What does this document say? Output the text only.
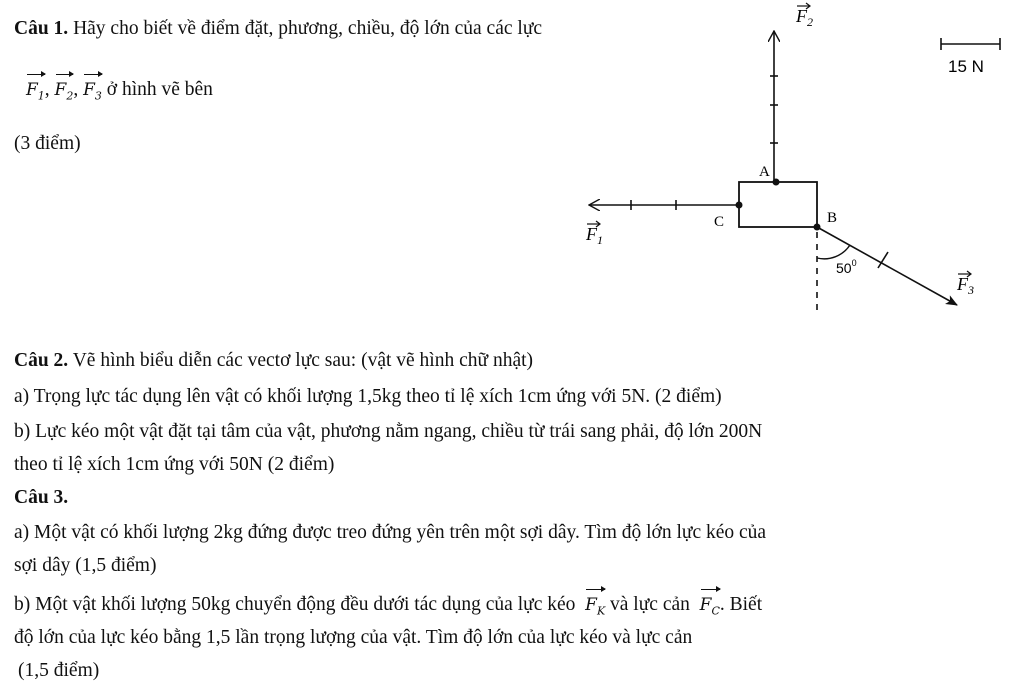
Câu 1. Hãy cho biết về điểm đặt, phương, chiều, độ lớn của các lực
$F_1$, $F_2$, $F_3$ ở hình vẽ bên
(3 điểm)
15 N
$F_2$
A
C
$F_1$
B
$50^0$
$F_3$
Câu 2. Vẽ hình biểu diễn các vectơ lực sau: (vật vẽ hình chữ nhật)
a) Trọng lực tác dụng lên vật có khối lượng 1,5kg theo tỉ lệ xích 1cm ứng với 5N. (2 điểm)
b) Lực kéo một vật đặt tại tâm của vật, phương nằm ngang, chiều từ trái sang phải, độ lớn 200N
theo tỉ lệ xích 1cm ứng với 50N (2 điểm)
Câu 3.
a) Một vật có khối lượng 2kg đứng được treo đứng yên trên một sợi dây. Tìm độ lớn lực kéo của
sợi dây (1,5 điểm)
b) Một vật khối lượng 50kg chuyển động đều dưới tác dụng của lực kéo $F_K$ và lực cản $F_C$. Biết
độ lớn của lực kéo bằng 1,5 lần trọng lượng của vật. Tìm độ lớn của lực kéo và lực cản
(1,5 điểm)
